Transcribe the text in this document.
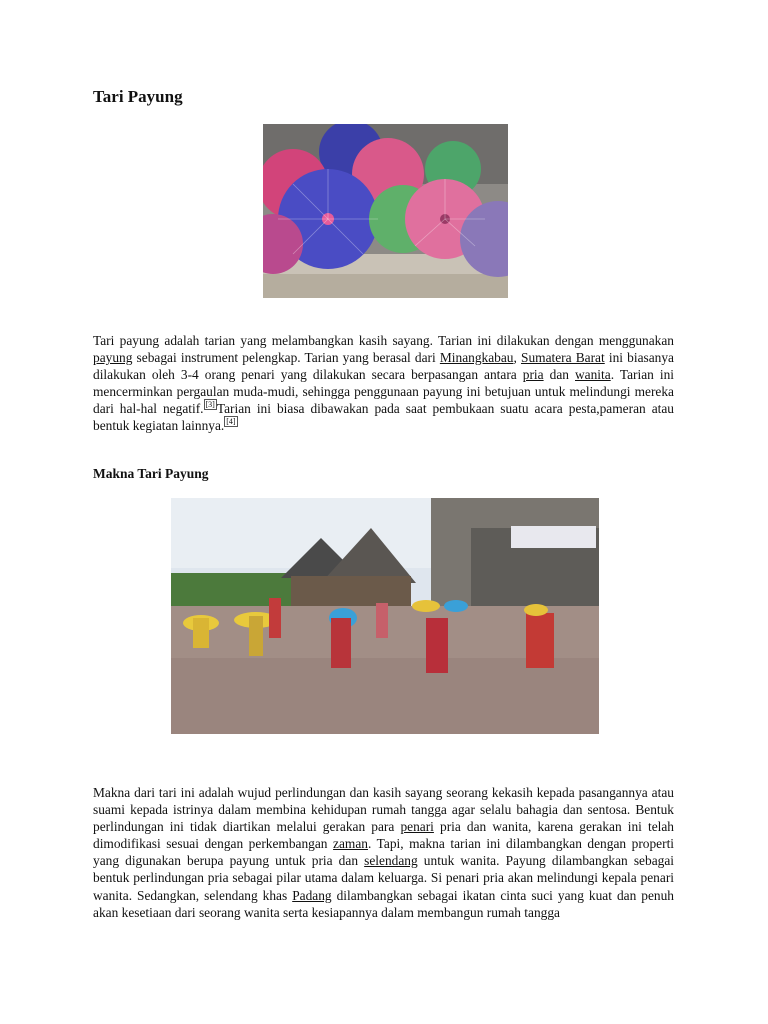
Tari Payung

Tari payung adalah tarian yang melambangkan kasih sayang. Tarian ini dilakukan dengan menggunakan payung sebagai instrument pelengkap. Tarian yang berasal dari Minangkabau, Sumatera Barat ini biasanya dilakukan oleh 3-4 orang penari yang dilakukan secara berpasangan antara pria dan wanita. Tarian ini mencerminkan pergaulan muda-mudi, sehingga penggunaan payung ini betujuan untuk melindungi mereka dari hal-hal negatif. [3] Tarian ini biasa dibawakan pada saat pembukaan suatu acara pesta,pameran atau bentuk kegiatan lainnya. [4]

Makna Tari Payung

Makna dari tari ini adalah wujud perlindungan dan kasih sayang seorang kekasih kepada pasangannya atau suami kepada istrinya dalam membina kehidupan rumah tangga agar selalu bahagia dan sentosa. Bentuk perlindungan ini tidak diartikan melalui gerakan para penari pria dan wanita, karena gerakan ini telah dimodifikasi sesuai dengan perkembangan zaman. Tapi, makna tarian ini dilambangkan dengan properti yang digunakan berupa payung untuk pria dan selendang untuk wanita. Payung dilambangkan sebagai bentuk perlindungan pria sebagai pilar utama dalam keluarga. Si penari pria akan melindungi kepala penari wanita. Sedangkan, selendang khas Padang dilambangkan sebagai ikatan cinta suci yang kuat dan penuh akan kesetiaan dari seorang wanita serta kesiapannya dalam membangun rumah tangga
